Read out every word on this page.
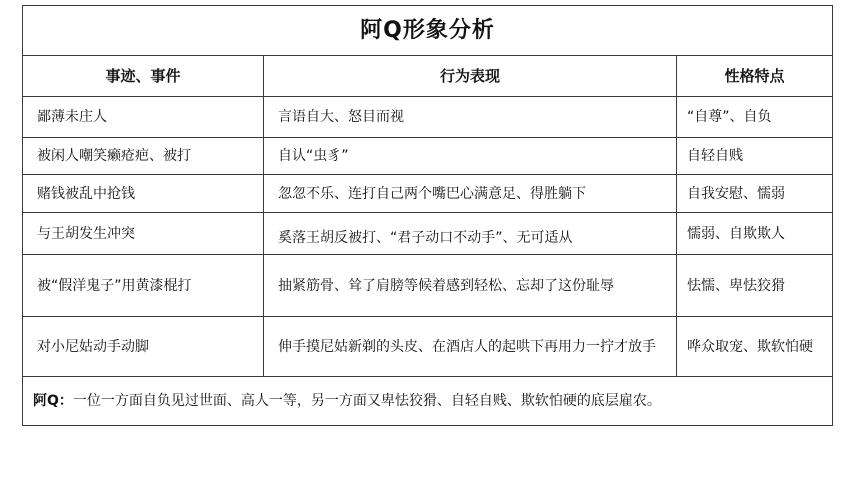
阿Q形象分析		
事迹、事件	行为表现	性格特点
鄙薄未庄人	言语自大、怒目而视	“自尊”、自负
被闲人嘲笑癞疮疤、被打	自认“虫豸”	自轻自贱
赌钱被乱中抢钱	忽忽不乐、连打自己两个嘴巴心满意足、得胜躺下	自我安慰、懦弱
与王胡发生冲突	奚落王胡反被打、“君子动口不动手”、无可适从	懦弱、自欺欺人
被“假洋鬼子”用黄漆棍打	抽紧筋骨、耸了肩膀等候着感到轻松、忘却了这份耻辱	怯懦、卑怯狡猾
对小尼姑动手动脚	伸手摸尼姑新剃的头皮、在酒店人的起哄下再用力一拧才放手	哗众取宠、欺软怕硬
阿Q：一位一方面自负见过世面、高人一等，另一方面又卑怯狡猾、自轻自贱、欺软怕硬的底层雇农。		
